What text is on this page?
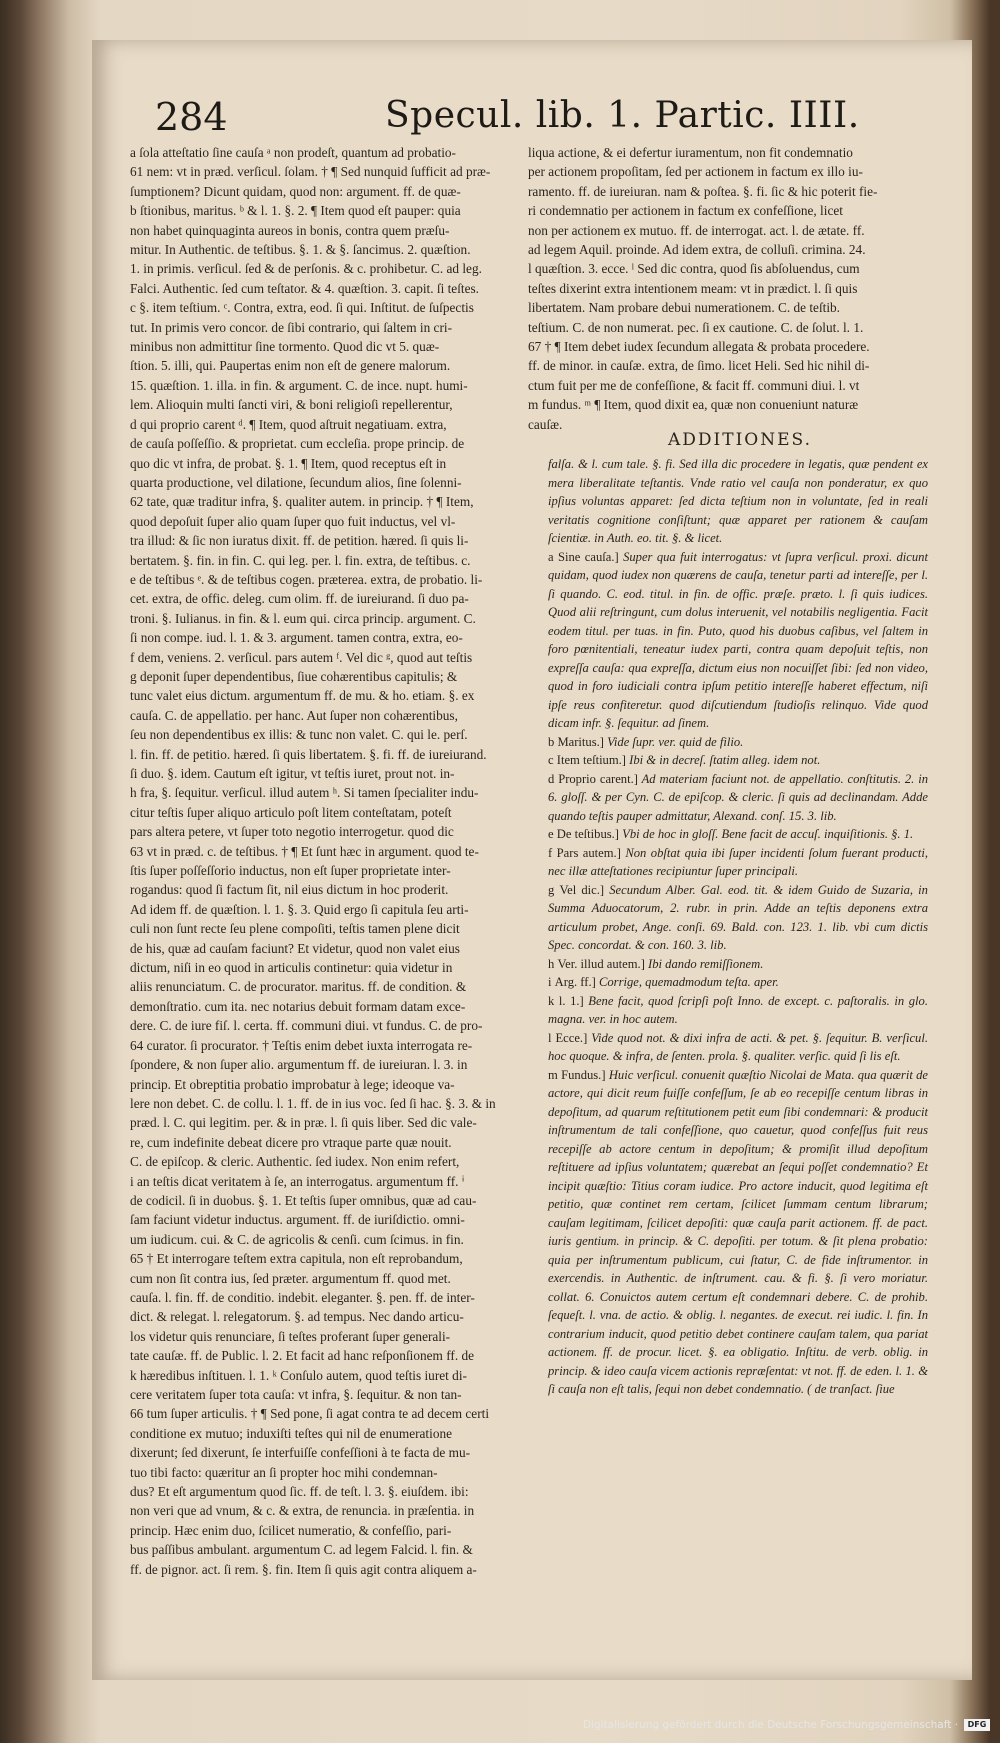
284	Specul. lib. 1. Partic. IIII.

a ſola atteſtatio ſine cauſa ᵃ non prodeſt, quantum ad probatio-

61 nem: vt in præd. verſicul. ſolam. † ¶ Sed nunquid ſufficit ad præ-

ſumptionem? Dicunt quidam, quod non: argument. ff. de quæ-

b ſtionibus, maritus. ᵇ & l. 1. §. 2. ¶ Item quod eſt pauper: quia

non habet quinquaginta aureos in bonis, contra quem præſu-

mitur. In Authentic. de teſtibus. §. 1. & §. ſancimus. 2. quæſtion.

1. in primis. verſicul. ſed & de perſonis. & c. prohibetur. C. ad leg.

Falci. Authentic. ſed cum teſtator. & 4. quæſtion. 3. capit. ſi teſtes.

c §. item teſtium. ᶜ. Contra, extra, eod. ſi qui. Inſtitut. de ſuſpectis

tut. In primis vero concor. de ſibi contrario, qui ſaltem in cri-

minibus non admittitur ſine tormento. Quod dic vt 5. quæ-

ſtion. 5. illi, qui. Paupertas enim non eſt de genere malorum.

15. quæſtion. 1. illa. in fin. & argument. C. de ince. nupt. humi-

lem. Alioquin multi ſancti viri, & boni religioſi repellerentur,

d qui proprio carent ᵈ. ¶ Item, quod aſtruit negatiuam. extra,

de cauſa poſſeſſio. & proprietat. cum eccleſia. prope princip. de

quo dic vt infra, de probat. §. 1. ¶ Item, quod receptus eſt in

quarta productione, vel dilatione, ſecundum alios, ſine ſolenni-

62 tate, quæ traditur infra, §. qualiter autem. in princip. † ¶ Item,

quod depoſuit ſuper alio quam ſuper quo fuit inductus, vel vl-

tra illud: & ſic non iuratus dixit. ff. de petition. hæred. ſi quis li-

bertatem. §. fin. in fin. C. qui leg. per. l. fin. extra, de teſtibus. c.

e de teſtibus ᵉ. & de teſtibus cogen. præterea. extra, de probatio. li-

cet. extra, de offic. deleg. cum olim. ff. de iureiurand. ſi duo pa-

troni. §. Iulianus. in fin. & l. eum qui. circa princip. argument. C.

ſi non compe. iud. l. 1. & 3. argument. tamen contra, extra, eo-

f dem, veniens. 2. verſicul. pars autem ᶠ. Vel dic ᵍ, quod aut teſtis

g deponit ſuper dependentibus, ſiue cohærentibus capitulis; &

tunc valet eius dictum. argumentum ff. de mu. & ho. etiam. §. ex

cauſa. C. de appellatio. per hanc. Aut ſuper non cohærentibus,

ſeu non dependentibus ex illis: & tunc non valet. C. qui le. perſ.

l. fin. ff. de petitio. hæred. ſi quis libertatem. §. fi. ff. de iureiurand.

ſi duo. §. idem. Cautum eſt igitur, vt teſtis iuret, prout not. in-

h fra, §. ſequitur. verſicul. illud autem ʰ. Si tamen ſpecialiter indu-

citur teſtis ſuper aliquo articulo poſt litem conteſtatam, poteſt

pars altera petere, vt ſuper toto negotio interrogetur. quod dic

63 vt in præd. c. de teſtibus. † ¶ Et ſunt hæc in argument. quod te-

ſtis ſuper poſſeſſorio inductus, non eſt ſuper proprietate inter-

rogandus: quod ſi factum ſit, nil eius dictum in hoc proderit.

Ad idem ff. de quæſtion. l. 1. §. 3. Quid ergo ſi capitula ſeu arti-

culi non ſunt recte ſeu plene compoſiti, teſtis tamen plene dicit

de his, quæ ad cauſam faciunt? Et videtur, quod non valet eius

dictum, niſi in eo quod in articulis continetur: quia videtur in

aliis renunciatum. C. de procurator. maritus. ff. de condition. &

demonſtratio. cum ita. nec notarius debuit formam datam exce-

dere. C. de iure fiſ. l. certa. ff. communi diui. vt fundus. C. de pro-

64 curator. ſi procurator. † Teſtis enim debet iuxta interrogata re-

ſpondere, & non ſuper alio. argumentum ff. de iureiuran. l. 3. in

princip. Et obreptitia probatio improbatur à lege; ideoque va-

lere non debet. C. de collu. l. 1. ff. de in ius voc. ſed ſi hac. §. 3. & in

præd. l. C. qui legitim. per. & in præ. l. ſi quis liber. Sed dic vale-

re, cum indefinite debeat dicere pro vtraque parte quæ nouit.

C. de epiſcop. & cleric. Authentic. ſed iudex. Non enim refert,

i an teſtis dicat veritatem à ſe, an interrogatus. argumentum ff. ⁱ

de codicil. ſi in duobus. §. 1. Et teſtis ſuper omnibus, quæ ad cau-

ſam faciunt videtur inductus. argument. ff. de iuriſdictio. omni-

um iudicum. cui. & C. de agricolis & cenſi. cum ſcimus. in fin.

65 † Et interrogare teſtem extra capitula, non eſt reprobandum,

cum non ſit contra ius, ſed præter. argumentum ff. quod met.

cauſa. l. fin. ff. de conditio. indebit. eleganter. §. pen. ff. de inter-

dict. & relegat. l. relegatorum. §. ad tempus. Nec dando articu-

los videtur quis renunciare, ſi teſtes proferant ſuper generali-

tate cauſæ. ff. de Public. l. 2. Et facit ad hanc reſponſionem ff. de

k hæredibus inſtituen. l. 1. ᵏ Conſulo autem, quod teſtis iuret di-

cere veritatem ſuper tota cauſa: vt infra, §. ſequitur. & non tan-

66 tum ſuper articulis. † ¶ Sed pone, ſi agat contra te ad decem certi

conditione ex mutuo; induxiſti teſtes qui nil de enumeratione

dixerunt; ſed dixerunt, ſe interfuiſſe confeſſioni à te facta de mu-

tuo tibi facto: quæritur an ſi propter hoc mihi condemnan-

dus? Et eſt argumentum quod ſic. ff. de teſt. l. 3. §. eiuſdem. ibi:

non veri que ad vnum, & c. & extra, de renuncia. in præſentia. in

princip. Hæc enim duo, ſcilicet numeratio, & confeſſio, pari-

bus paſſibus ambulant. argumentum C. ad legem Falcid. l. fin. &

ff. de pignor. act. ſi rem. §. fin. Item ſi quis agit contra aliquem a-

liqua actione, & ei defertur iuramentum, non fit condemnatio

per actionem propoſitam, ſed per actionem in factum ex illo iu-

ramento. ff. de iureiuran. nam & poſtea. §. fi. ſic & hic poterit fie-

ri condemnatio per actionem in factum ex confeſſione, licet

non per actionem ex mutuo. ff. de interrogat. act. l. de ætate. ff.

ad legem Aquil. proinde. Ad idem extra, de colluſi. crimina. 24.

l quæſtion. 3. ecce. ˡ Sed dic contra, quod ſis abſoluendus, cum

teſtes dixerint extra intentionem meam: vt in prædict. l. ſi quis

libertatem. Nam probare debui numerationem. C. de teſtib.

teſtium. C. de non numerat. pec. ſi ex cautione. C. de ſolut. l. 1.

67 † ¶ Item debet iudex ſecundum allegata & probata procedere.

ff. de minor. in cauſæ. extra, de ſimo. licet Heli. Sed hic nihil di-

ctum fuit per me de confeſſione, & facit ff. communi diui. l. vt

m fundus. ᵐ ¶ Item, quod dixit ea, quæ non conueniunt naturæ

cauſæ.

ADDITIONES.

falſa. & l. cum tale. §. fi. Sed illa dic procedere in legatis, quæ pendent ex mera liberalitate teſtantis. Vnde ratio vel cauſa non ponderatur, ex quo ipſius voluntas apparet: ſed dicta teſtium non in voluntate, ſed in reali veritatis cognitione conſiſtunt; quæ apparet per rationem & cauſam ſcientiæ. in Auth. eo. tit. §. & licet.

a Sine cauſa.] Super qua fuit interrogatus: vt ſupra verſicul. proxi. dicunt quidam, quod iudex non quærens de cauſa, tenetur parti ad intereſſe, per l. ſi quando. C. eod. titul. in fin. de offic. præſe. præto. l. ſi quis iudices. Quod alii reſtringunt, cum dolus interuenit, vel notabilis negligentia. Facit eodem titul. per tuas. in fin. Puto, quod his duobus caſibus, vel ſaltem in foro pœnitentiali, teneatur iudex parti, contra quam depoſuit teſtis, non expreſſa cauſa: qua expreſſa, dictum eius non nocuiſſet ſibi: ſed non video, quod in foro iudiciali contra ipſum petitio intereſſe haberet effectum, niſi ipſe reus confiteretur. quod diſcutiendum ſtudioſis relinquo. Vide quod dicam infr. §. ſequitur. ad ſinem.

b Maritus.] Vide ſupr. ver. quid de filio.

c Item teſtium.] Ibi & in decreſ. ſtatim alleg. idem not.

d Proprio carent.] Ad materiam faciunt not. de appellatio. conſtitutis. 2. in 6. gloſſ. & per Cyn. C. de epiſcop. & cleric. ſi quis ad declinandam. Adde quando teſtis pauper admittatur, Alexand. conſ. 15. 3. lib.

e De teſtibus.] Vbi de hoc in gloſſ. Bene facit de accuſ. inquiſitionis. §. 1.

f Pars autem.] Non obſtat quia ibi ſuper incidenti ſolum fuerant producti, nec illæ atteſtationes recipiuntur ſuper principali.

g Vel dic.] Secundum Alber. Gal. eod. tit. & idem Guido de Suzaria, in Summa Aduocatorum, 2. rubr. in prin. Adde an teſtis deponens extra articulum probet, Ange. conſi. 69. Bald. con. 123. 1. lib. vbi cum dictis Spec. concordat. & con. 160. 3. lib.

h Ver. illud autem.] Ibi dando remiſſionem.

i Arg. ff.] Corrige, quemadmodum teſta. aper.

k l. 1.] Bene facit, quod ſcripſi poſt Inno. de except. c. paſtoralis. in glo. magna. ver. in hoc autem.

l Ecce.] Vide quod not. & dixi infra de acti. & pet. §. ſequitur. B. verſicul. hoc quoque. & infra, de ſenten. prola. §. qualiter. verſic. quid ſi lis eſt.

m Fundus.] Huic verſicul. conuenit quæſtio Nicolai de Mata. qua quærit de actore, qui dicit reum fuiſſe confeſſum, ſe ab eo recepiſſe centum libras in depoſitum, ad quarum reſtitutionem petit eum ſibi condemnari: & producit inſtrumentum de tali confeſſione, quo cauetur, quod confeſſus fuit reus recepiſſe ab actore centum in depoſitum; & promiſit illud depoſitum reſtituere ad ipſius voluntatem; quærebat an ſequi poſſet condemnatio? Et incipit quæſtio: Titius coram iudice. Pro actore inducit, quod legitima eſt petitio, quæ continet rem certam, ſcilicet ſummam centum librarum; cauſam legitimam, ſcilicet depoſiti: quæ cauſa parit actionem. ff. de pact. iuris gentium. in princip. & C. depoſiti. per totum. & ſit plena probatio: quia per inſtrumentum publicum, cui ſtatur, C. de fide inſtrumentor. in exercendis. in Authentic. de inſtrument. cau. & fi. §. ſi vero moriatur. collat. 6. Conuictos autem certum eſt condemnari debere. C. de prohib. ſequeſt. l. vna. de actio. & oblig. l. negantes. de execut. rei iudic. l. fin. In contrarium inducit, quod petitio debet continere cauſam talem, qua pariat actionem. ff. de procur. licet. §. ea obligatio. Inſtitu. de verb. oblig. in princip. & ideo cauſa vicem actionis repræſentat: vt not. ff. de eden. l. 1. & ſi cauſa non eſt talis, ſequi non debet condemnatio. ( de tranſact. ſiue

Digitalisierung gefördert durch die Deutsche Forschungsgemeinschaft ·	DFG
